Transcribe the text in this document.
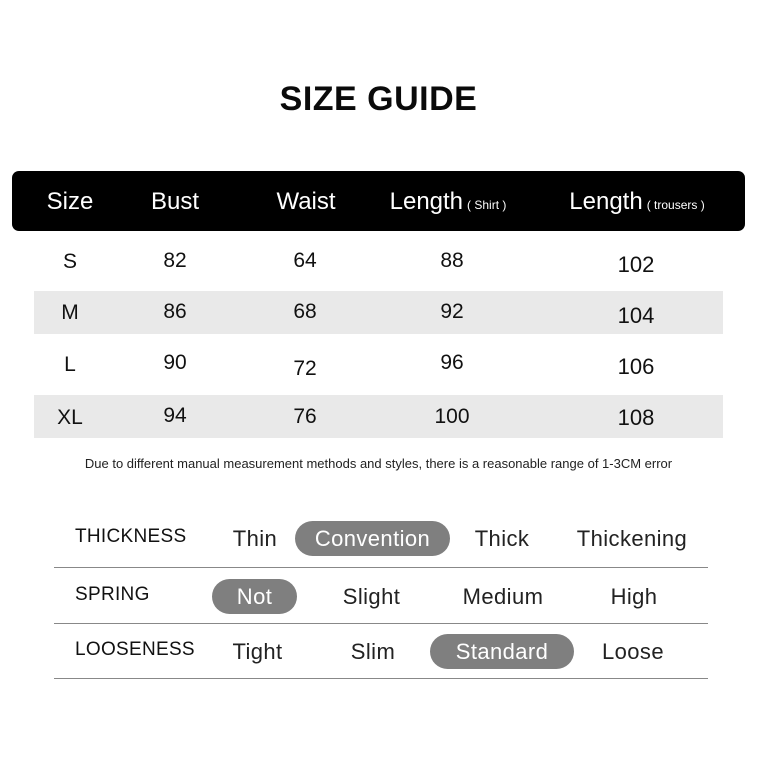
SIZE GUIDE
Size	Bust	Waist	Length ( Shirt )	Length ( trousers )
S	82	64	88	102
M	86	68	92	104
L	90	72	96	106
XL	94	76	100	108
Due to different manual measurement methods and styles, there is a reasonable range of 1-3CM error
THICKNESS	Thin	Convention	Thick	Thickening
SPRING	Not	Slight	Medium	High
LOOSENESS	Tight	Slim	Standard	Loose
